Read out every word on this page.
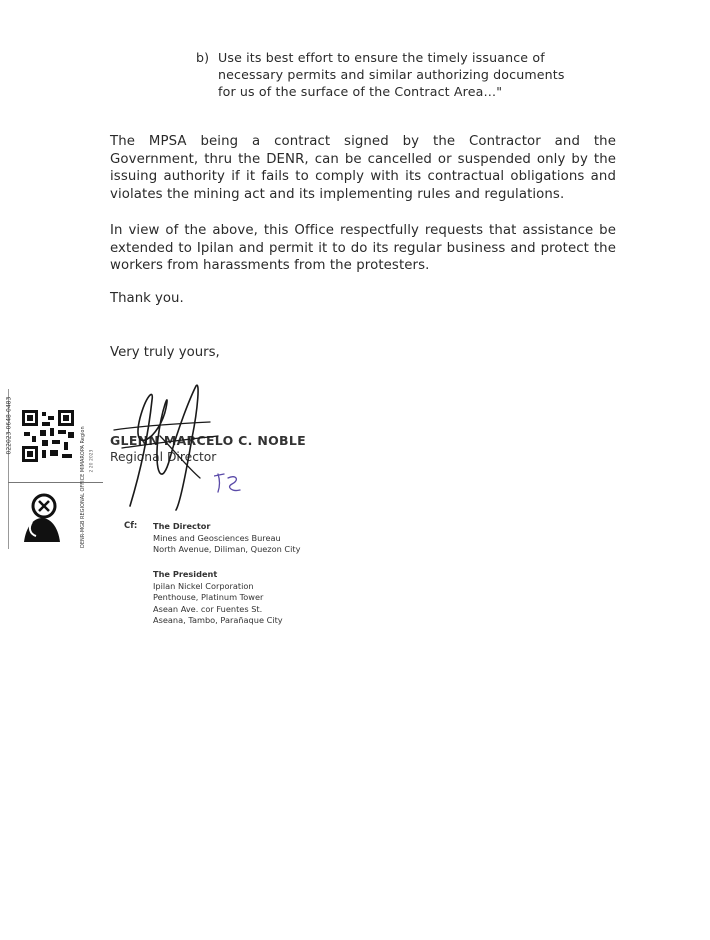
b) Use its best effort to ensure the timely issuance of
necessary permits and similar authorizing documents
for us of the surface of the Contract Area…"
The MPSA being a contract signed by the Contractor and the
Government, thru the DENR, can be cancelled or suspended only by the
issuing authority if it fails to comply with its contractual obligations and
violates the mining act and its implementing rules and regulations.
In view of the above, this Office respectfully requests that assistance be
extended to Ipilan and permit it to do its regular business and protect the
workers from harassments from the protesters.
Thank you.
Very truly yours,
GLENN MARCELO C. NOBLE
Regional Director
022023-0648-0483
2 20 2023
DENR-MGB REGIONAL OFFICE MIMAROPA Region	Cf: The Director
Mines and Geosciences Bureau
North Avenue, Diliman, Quezon City
The President
Ipilan Nickel Corporation
Penthouse, Platinum Tower
Asean Ave. cor Fuentes St.
Aseana, Tambo, Parañaque City
